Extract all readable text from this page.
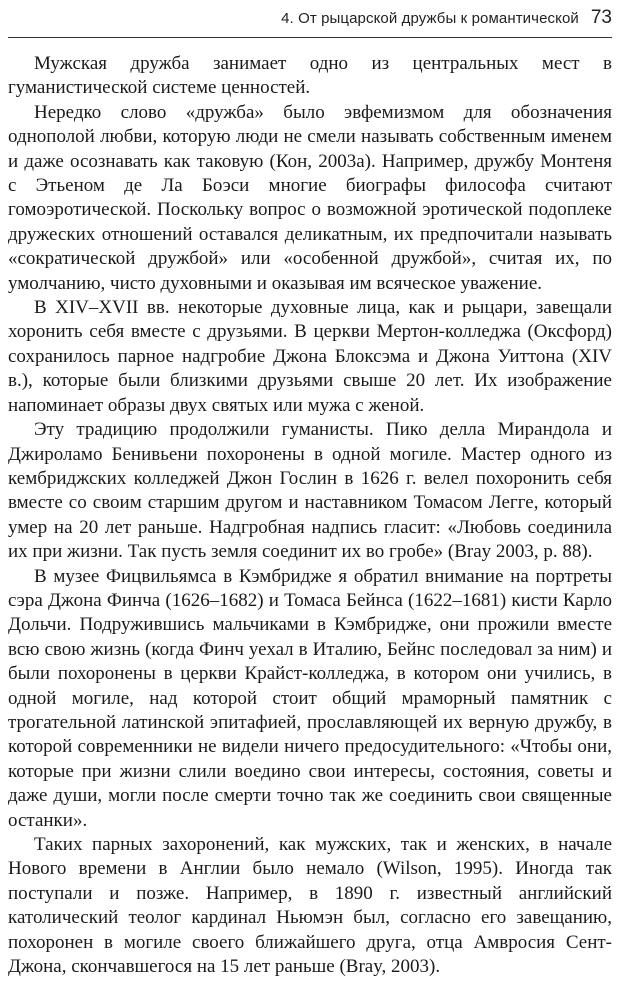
4. От рыцарской дружбы к романтической 73

Мужская дружба занимает одно из центральных мест в гуманистической системе ценностей.

Нередко слово «дружба» было эвфемизмом для обозначения однополой любви, которую люди не смели называть собственным именем и даже осознавать как таковую (Кон, 2003а). Например, дружбу Монтеня с Этьеном де Ла Боэси многие биографы философа считают гомоэротической. Поскольку вопрос о возможной эротической подоплеке дружеских отношений оставался деликатным, их предпочитали называть «сократической дружбой» или «особенной дружбой», считая их, по умолчанию, чисто духовными и оказывая им всяческое уважение.

В XIV–XVII вв. некоторые духовные лица, как и рыцари, завещали хоронить себя вместе с друзьями. В церкви Мертон-колледжа (Оксфорд) сохранилось парное надгробие Джона Блоксэма и Джона Уиттона (XIV в.), которые были близкими друзьями свыше 20 лет. Их изображение напоминает образы двух святых или мужа с женой.

Эту традицию продолжили гуманисты. Пико делла Мирандола и Джироламо Бенивьени похоронены в одной могиле. Мастер одного из кембриджских колледжей Джон Гослин в 1626 г. велел похоронить себя вместе со своим старшим другом и наставником Томасом Легге, который умер на 20 лет раньше. Надгробная надпись гласит: «Любовь соединила их при жизни. Так пусть земля соединит их во гробе» (Bray 2003, p. 88).

В музее Фицвильямса в Кэмбридже я обратил внимание на портреты сэра Джона Финча (1626–1682) и Томаса Бейнса (1622–1681) кисти Карло Дольчи. Подружившись мальчиками в Кэмбридже, они прожили вместе всю свою жизнь (когда Финч уехал в Италию, Бейнс последовал за ним) и были похоронены в церкви Крайст-колледжа, в котором они учились, в одной могиле, над которой стоит общий мраморный памятник с трогательной латинской эпитафией, прославляющей их верную дружбу, в которой современники не видели ничего предосудительного: «Чтобы они, которые при жизни слили воедино свои интересы, состояния, советы и даже души, могли после смерти точно так же соединить свои священные останки».

Таких парных захоронений, как мужских, так и женских, в начале Нового времени в Англии было немало (Wilson, 1995). Иногда так поступали и позже. Например, в 1890 г. известный английский католический теолог кардинал Ньюмэн был, согласно его завещанию, похоронен в могиле своего ближайшего друга, отца Амвросия Сент-Джона, скончавшегося на 15 лет раньше (Bray, 2003).
